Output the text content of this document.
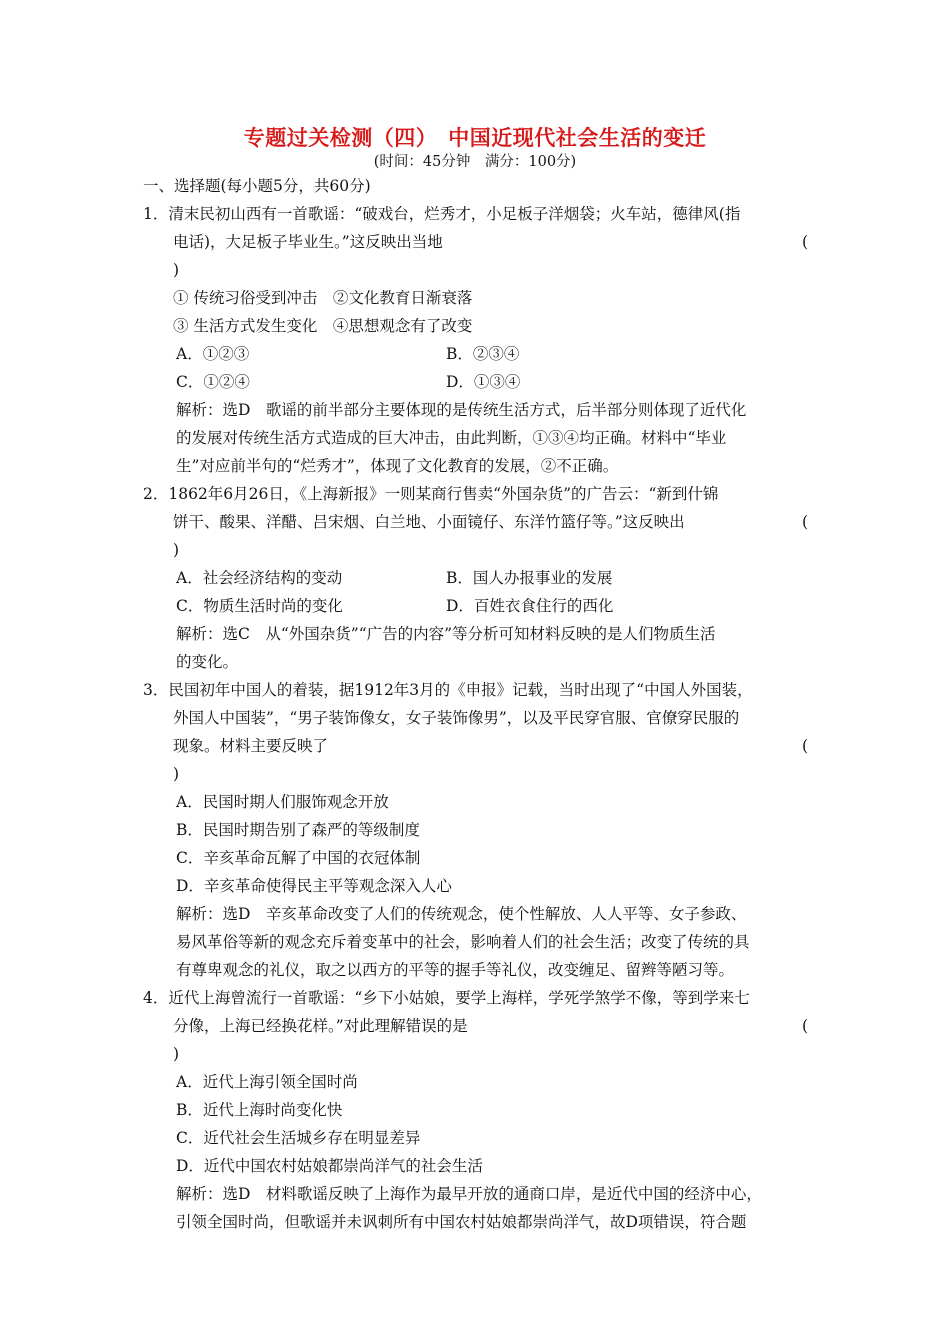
专题过关检测（四）　中国近现代社会生活的变迁
(时间：45分钟　满分：100分)
一、选择题(每小题5分，共60分)
1．清末民初山西有一首歌谣：“破戏台，烂秀才，小足板子洋烟袋；火车站，德律风(指
电话)，大足板子毕业生。”这反映出当地	(
)
① 传统习俗受到冲击　②文化教育日渐衰落
③ 生活方式发生变化　④思想观念有了改变
A．①②③	B．②③④
C．①②④	D．①③④
解析：选D　歌谣的前半部分主要体现的是传统生活方式，后半部分则体现了近代化
的发展对传统生活方式造成的巨大冲击，由此判断，①③④均正确。材料中“毕业
生”对应前半句的“烂秀才”，体现了文化教育的发展，②不正确。
2．1862年6月26日，《上海新报》一则某商行售卖“外国杂货”的广告云：“新到什锦
饼干、酸果、洋醋、吕宋烟、白兰地、小面镜仔、东洋竹篮仔等。”这反映出	(
)
A．社会经济结构的变动	B．国人办报事业的发展
C．物质生活时尚的变化	D．百姓衣食住行的西化
解析：选C　从“外国杂货”“广告的内容”等分析可知材料反映的是人们物质生活
的变化。
3．民国初年中国人的着装，据1912年3月的《申报》记载，当时出现了“中国人外国装，
外国人中国装”，“男子装饰像女，女子装饰像男”，以及平民穿官服、官僚穿民服的
现象。材料主要反映了	(
)
A．民国时期人们服饰观念开放
B．民国时期告别了森严的等级制度
C．辛亥革命瓦解了中国的衣冠体制
D．辛亥革命使得民主平等观念深入人心
解析：选D　辛亥革命改变了人们的传统观念，使个性解放、人人平等、女子参政、
易风革俗等新的观念充斥着变革中的社会，影响着人们的社会生活；改变了传统的具
有尊卑观念的礼仪，取之以西方的平等的握手等礼仪，改变缠足、留辫等陋习等。
4．近代上海曾流行一首歌谣：“乡下小姑娘，要学上海样，学死学煞学不像，等到学来七
分像，上海已经换花样。”对此理解错误的是	(
)
A．近代上海引领全国时尚
B．近代上海时尚变化快
C．近代社会生活城乡存在明显差异
D．近代中国农村姑娘都崇尚洋气的社会生活
解析：选D　材料歌谣反映了上海作为最早开放的通商口岸，是近代中国的经济中心，
引领全国时尚，但歌谣并未讽刺所有中国农村姑娘都崇尚洋气，故D项错误，符合题
